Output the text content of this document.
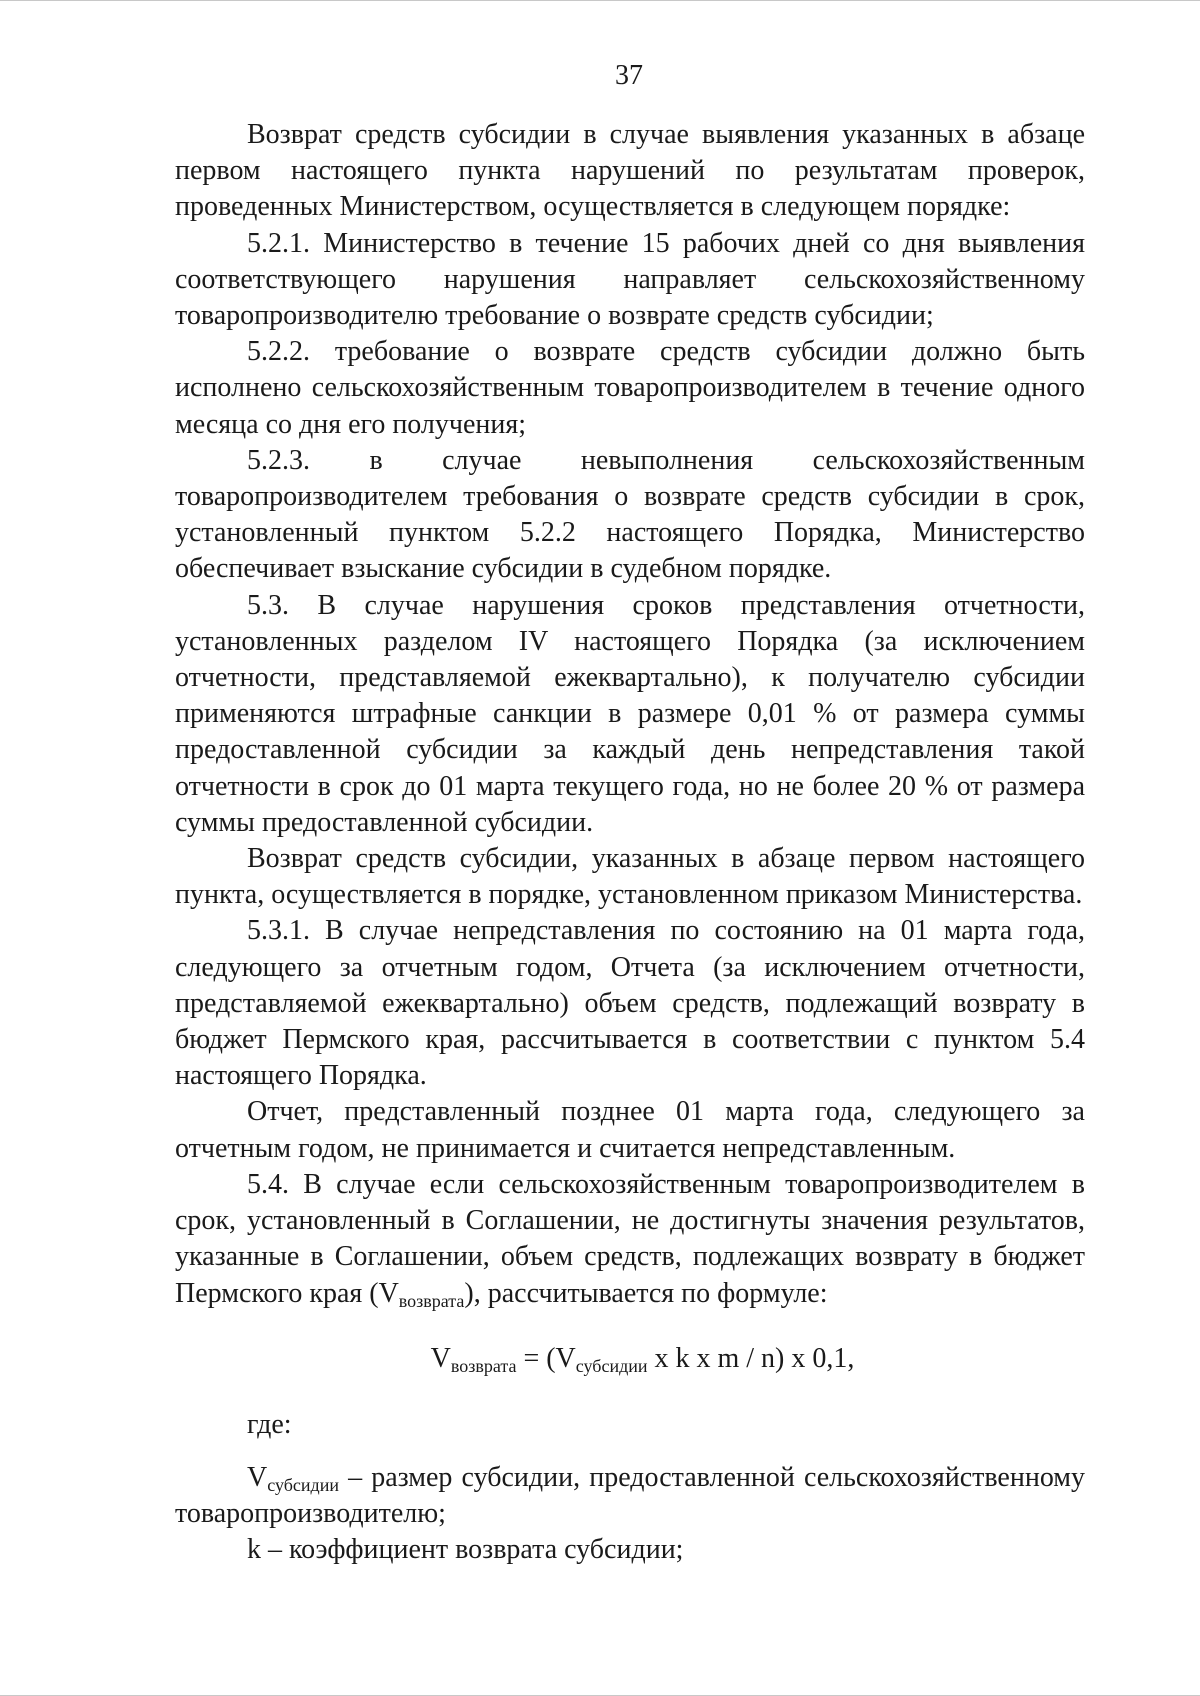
37

Возврат средств субсидии в случае выявления указанных в абзаце первом настоящего пункта нарушений по результатам проверок, проведенных Министерством, осуществляется в следующем порядке:

5.2.1. Министерство в течение 15 рабочих дней со дня выявления соответствующего нарушения направляет сельскохозяйственному товаропроизводителю требование о возврате средств субсидии;

5.2.2. требование о возврате средств субсидии должно быть исполнено сельскохозяйственным товаропроизводителем в течение одного месяца со дня его получения;

5.2.3. в случае невыполнения сельскохозяйственным товаропроизводителем требования о возврате средств субсидии в срок, установленный пунктом 5.2.2 настоящего Порядка, Министерство обеспечивает взыскание субсидии в судебном порядке.

5.3. В случае нарушения сроков представления отчетности, установленных разделом IV настоящего Порядка (за исключением отчетности, представляемой ежеквартально), к получателю субсидии применяются штрафные санкции в размере 0,01 % от размера суммы предоставленной субсидии за каждый день непредставления такой отчетности в срок до 01 марта текущего года, но не более 20 % от размера суммы предоставленной субсидии.

Возврат средств субсидии, указанных в абзаце первом настоящего пункта, осуществляется в порядке, установленном приказом Министерства.

5.3.1. В случае непредставления по состоянию на 01 марта года, следующего за отчетным годом, Отчета (за исключением отчетности, представляемой ежеквартально) объем средств, подлежащий возврату в бюджет Пермского края, рассчитывается в соответствии с пунктом 5.4 настоящего Порядка.

Отчет, представленный позднее 01 марта года, следующего за отчетным годом, не принимается и считается непредставленным.

5.4. В случае если сельскохозяйственным товаропроизводителем в срок, установленный в Соглашении, не достигнуты значения результатов, указанные в Соглашении, объем средств, подлежащих возврату в бюджет Пермского края $(V_{возврата})$, рассчитывается по формуле:

$V_{возврата} = (V_{субсидии}$ x k x m / n) x 0,1,

где:

$V_{субсидии}$ – размер субсидии, предоставленной сельскохозяйственному товаропроизводителю;

k – коэффициент возврата субсидии;
